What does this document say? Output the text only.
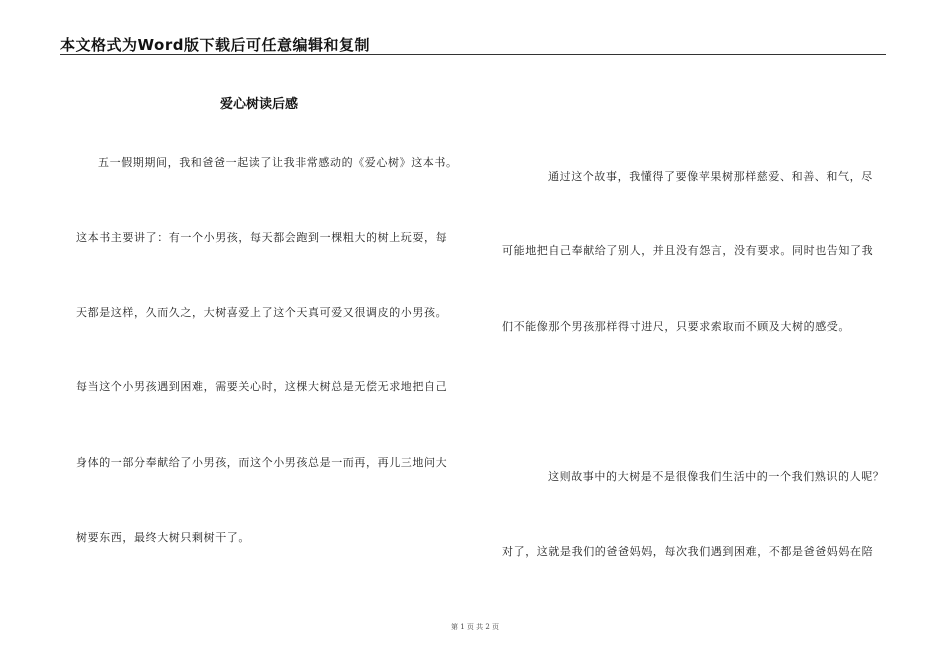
本文格式为Word版下载后可任意编辑和复制
爱心树读后感
五一假期期间，我和爸爸一起读了让我非常感动的《爱心树》这本书。
这本书主要讲了：有一个小男孩，每天都会跑到一棵粗大的树上玩耍，每
天都是这样，久而久之，大树喜爱上了这个天真可爱又很调皮的小男孩。
每当这个小男孩遇到困难，需要关心时，这棵大树总是无偿无求地把自己
身体的一部分奉献给了小男孩，而这个小男孩总是一而再，再儿三地问大
树要东西，最终大树只剩树干了。
通过这个故事，我懂得了要像苹果树那样慈爱、和善、和气，尽
可能地把自己奉献给了别人，并且没有怨言，没有要求。同时也告知了我
们不能像那个男孩那样得寸进尺，只要求索取而不顾及大树的感受。
这则故事中的大树是不是很像我们生活中的一个我们熟识的人呢？
对了，这就是我们的爸爸妈妈，每次我们遇到困难，不都是爸爸妈妈在陪
第 1 页 共 2 页
